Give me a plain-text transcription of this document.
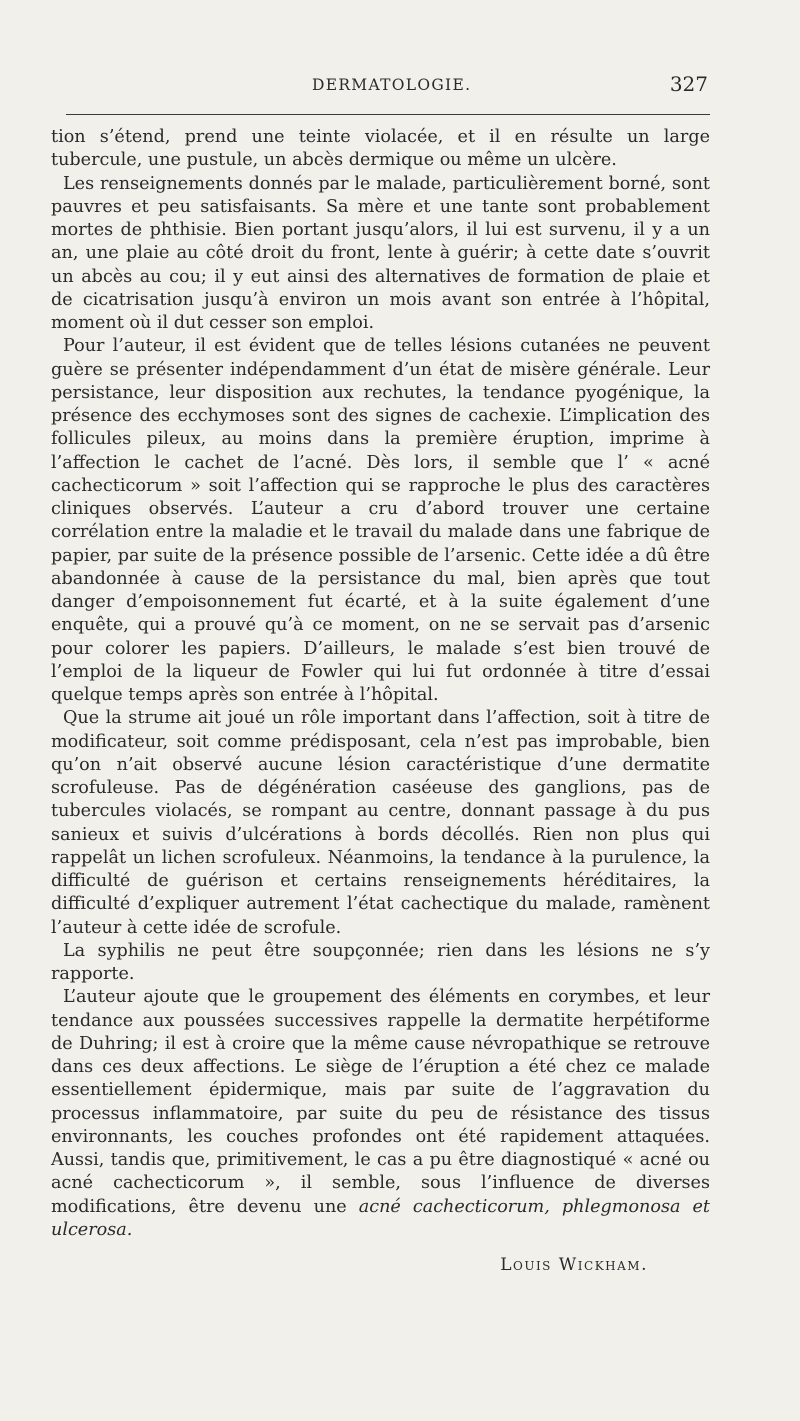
DERMATOLOGIE.	327

tion s’étend, prend une teinte violacée, et il en résulte un large tubercule, une pustule, un abcès dermique ou même un ulcère.

Les renseignements donnés par le malade, particulièrement borné, sont pauvres et peu satisfaisants. Sa mère et une tante sont probablement mortes de phthisie. Bien portant jusqu’alors, il lui est survenu, il y a un an, une plaie au côté droit du front, lente à guérir; à cette date s’ouvrit un abcès au cou; il y eut ainsi des alternatives de formation de plaie et de cicatrisation jusqu’à environ un mois avant son entrée à l’hôpital, moment où il dut cesser son emploi.

Pour l’auteur, il est évident que de telles lésions cutanées ne peuvent guère se présenter indépendamment d’un état de misère générale. Leur persistance, leur disposition aux rechutes, la tendance pyogénique, la présence des ecchymoses sont des signes de cachexie. L’implication des follicules pileux, au moins dans la première éruption, imprime à l’affection le cachet de l’acné. Dès lors, il semble que l’ « acné cachecticorum » soit l’affection qui se rapproche le plus des caractères cliniques observés. L’auteur a cru d’abord trouver une certaine corrélation entre la maladie et le travail du malade dans une fabrique de papier, par suite de la présence possible de l’arsenic. Cette idée a dû être abandonnée à cause de la persistance du mal, bien après que tout danger d’empoisonnement fut écarté, et à la suite également d’une enquête, qui a prouvé qu’à ce moment, on ne se servait pas d’arsenic pour colorer les papiers. D’ailleurs, le malade s’est bien trouvé de l’emploi de la liqueur de Fowler qui lui fut ordonnée à titre d’essai quelque temps après son entrée à l’hôpital.

Que la strume ait joué un rôle important dans l’affection, soit à titre de modificateur, soit comme prédisposant, cela n’est pas improbable, bien qu’on n’ait observé aucune lésion caractéristique d’une dermatite scrofuleuse. Pas de dégénération caséeuse des ganglions, pas de tubercules violacés, se rompant au centre, donnant passage à du pus sanieux et suivis d’ulcérations à bords décollés. Rien non plus qui rappelât un lichen scrofuleux. Néanmoins, la tendance à la purulence, la difficulté de guérison et certains renseignements héréditaires, la difficulté d’expliquer autrement l’état cachectique du malade, ramènent l’auteur à cette idée de scrofule.

La syphilis ne peut être soupçonnée; rien dans les lésions ne s’y rapporte.

L’auteur ajoute que le groupement des éléments en corymbes, et leur tendance aux poussées successives rappelle la dermatite herpétiforme de Duhring; il est à croire que la même cause névropathique se retrouve dans ces deux affections. Le siège de l’éruption a été chez ce malade essentiellement épidermique, mais par suite de l’aggravation du processus inflammatoire, par suite du peu de résistance des tissus environnants, les couches profondes ont été rapidement attaquées. Aussi, tandis que, primitivement, le cas a pu être diagnostiqué « acné ou acné cachecticorum », il semble, sous l’influence de diverses modifications, être devenu une acné cachecticorum, phlegmonosa et ulcerosa.

Louis Wickham.
